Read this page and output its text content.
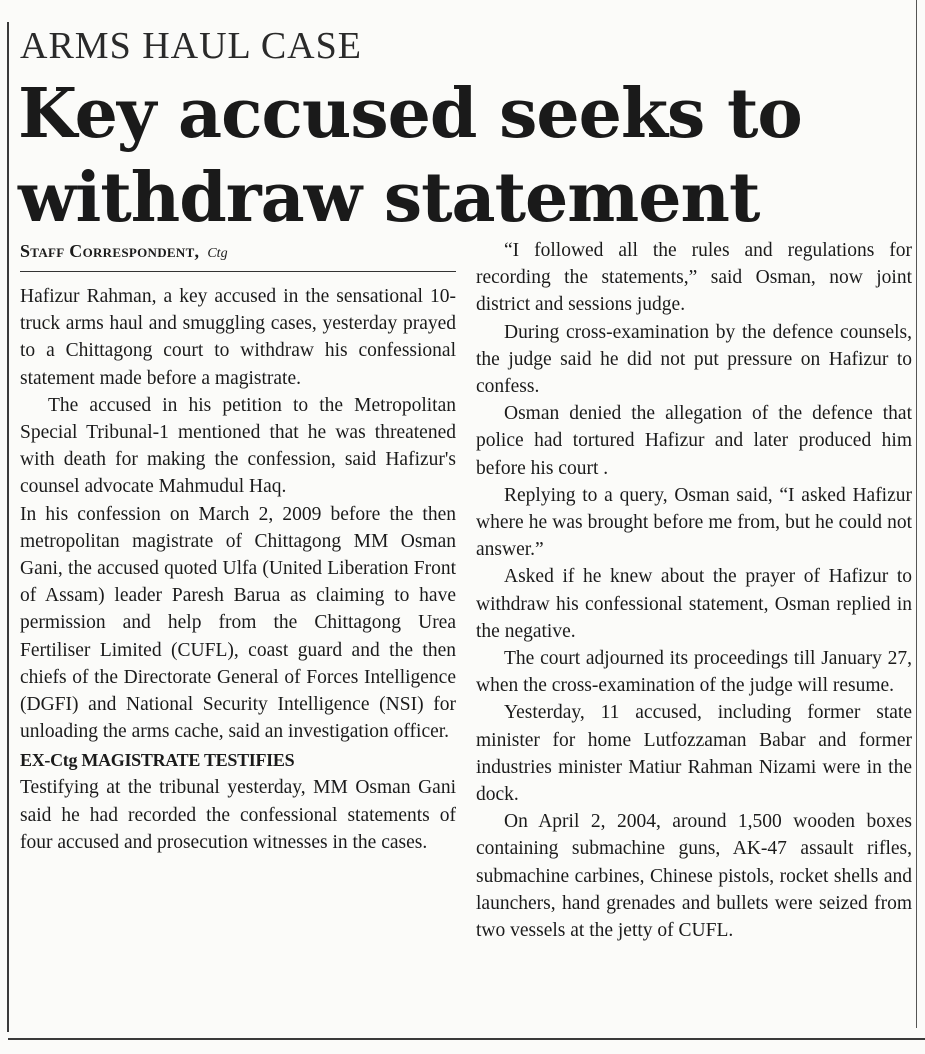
ARMS HAUL CASE
Key accused seeks to withdraw statement
Staff Correspondent, Ctg

Hafizur Rahman, a key accused in the sensational 10-truck arms haul and smuggling cases, yesterday prayed to a Chittagong court to withdraw his confessional statement made before a magistrate.

The accused in his petition to the Metropolitan Special Tribunal-1 mentioned that he was threatened with death for making the confession, said Hafizur's counsel advocate Mahmudul Haq.

In his confession on March 2, 2009 before the then metropolitan magistrate of Chittagong MM Osman Gani, the accused quoted Ulfa (United Liberation Front of Assam) leader Paresh Barua as claiming to have permission and help from the Chittagong Urea Fertiliser Limited (CUFL), coast guard and the then chiefs of the Directorate General of Forces Intelligence (DGFI) and National Security Intelligence (NSI) for unloading the arms cache, said an investigation officer.

EX-Ctg MAGISTRATE TESTIFIES

Testifying at the tribunal yesterday, MM Osman Gani said he had recorded the confessional statements of four accused and prosecution witnesses in the cases.

“I followed all the rules and regulations for recording the statements,” said Osman, now joint district and sessions judge.

During cross-examination by the defence counsels, the judge said he did not put pressure on Hafizur to confess.

Osman denied the allegation of the defence that police had tortured Hafizur and later produced him before his court .

Replying to a query, Osman said, “I asked Hafizur where he was brought before me from, but he could not answer.”

Asked if he knew about the prayer of Hafizur to withdraw his confessional statement, Osman replied in the negative.

The court adjourned its proceedings till January 27, when the cross-examination of the judge will resume.

Yesterday, 11 accused, including former state minister for home Lutfozzaman Babar and former industries minister Matiur Rahman Nizami were in the dock.

On April 2, 2004, around 1,500 wooden boxes containing submachine guns, AK-47 assault rifles, submachine carbines, Chinese pistols, rocket shells and launchers, hand grenades and bullets were seized from two vessels at the jetty of CUFL.
